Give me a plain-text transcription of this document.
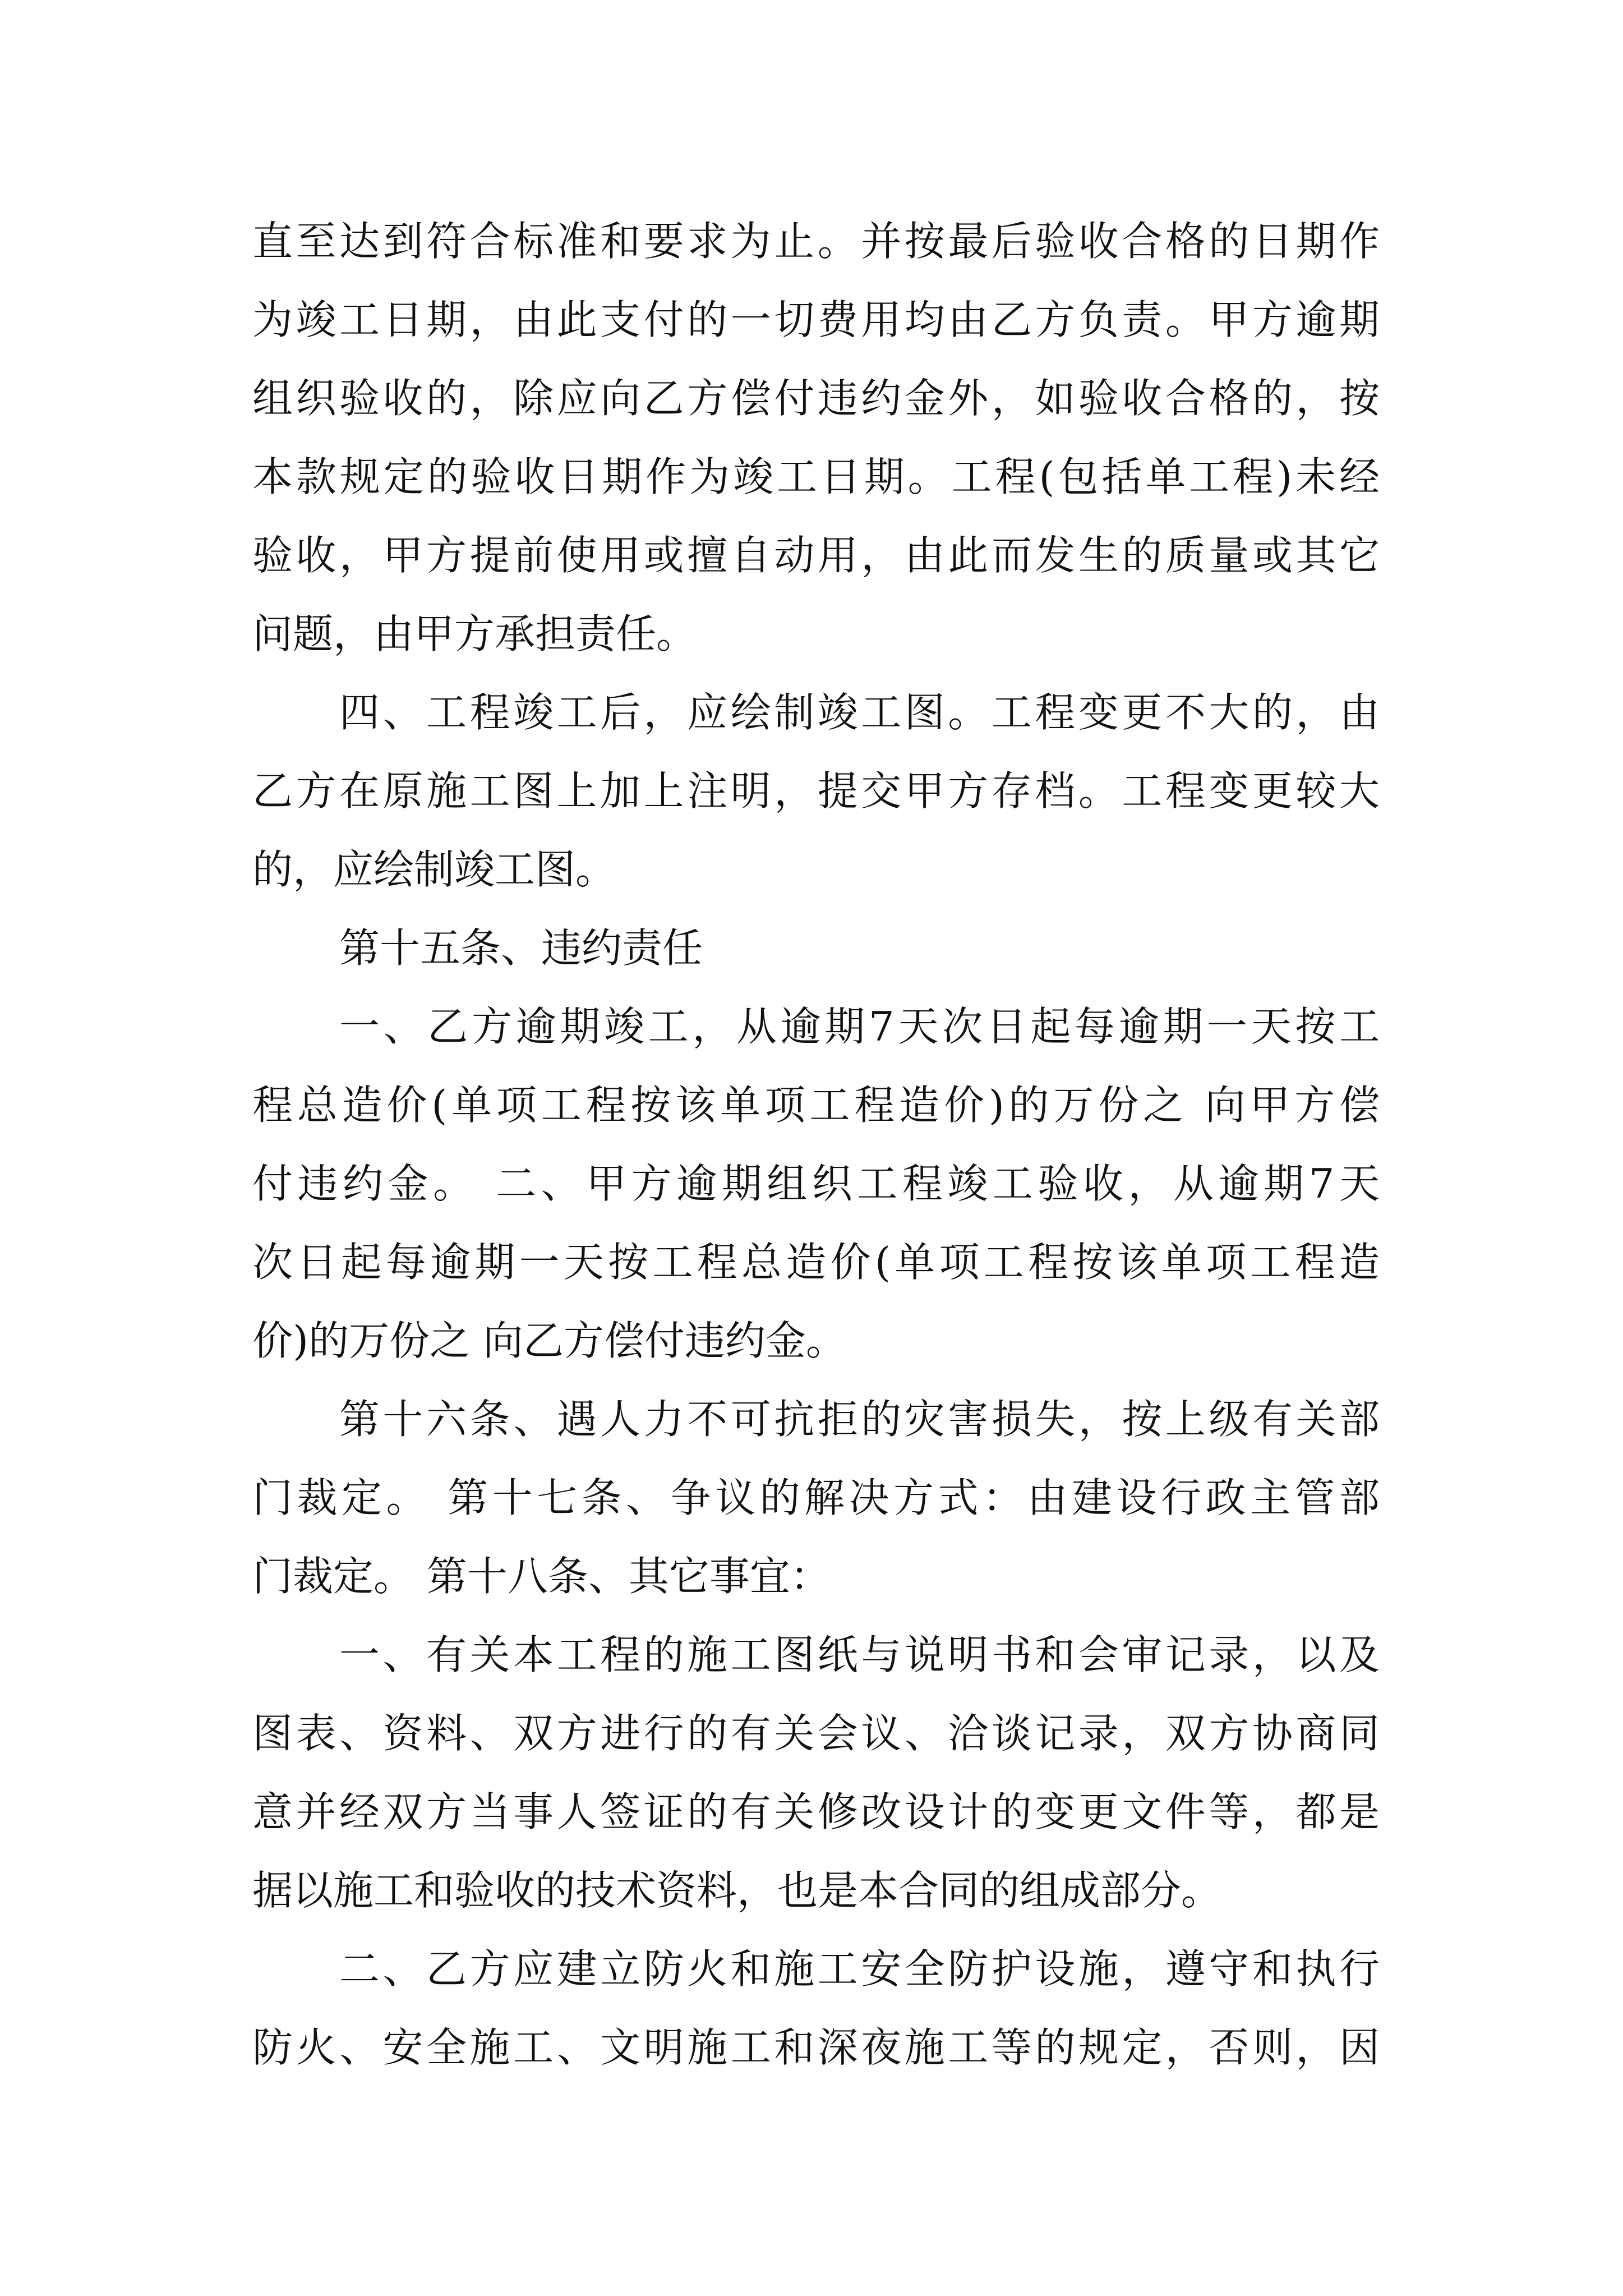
直至达到符合标准和要求为止。并按最后验收合格的日期作
为竣工日期，由此支付的一切费用均由乙方负责。甲方逾期
组织验收的，除应向乙方偿付违约金外，如验收合格的，按
本款规定的验收日期作为竣工日期。工程(包括单工程)未经
验收，甲方提前使用或擅自动用，由此而发生的质量或其它
问题，由甲方承担责任。
四、工程竣工后，应绘制竣工图。工程变更不大的，由
乙方在原施工图上加上注明，提交甲方存档。工程变更较大
的，应绘制竣工图。
第十五条、违约责任
一、乙方逾期竣工，从逾期7天次日起每逾期一天按工
程总造价(单项工程按该单项工程造价)的万份之 向甲方偿
付违约金。 二、甲方逾期组织工程竣工验收，从逾期7天
次日起每逾期一天按工程总造价(单项工程按该单项工程造
价)的万份之 向乙方偿付违约金。
第十六条、遇人力不可抗拒的灾害损失，按上级有关部
门裁定。 第十七条、争议的解决方式：由建设行政主管部
门裁定。 第十八条、其它事宜：
一、有关本工程的施工图纸与说明书和会审记录，以及
图表、资料、双方进行的有关会议、洽谈记录，双方协商同
意并经双方当事人签证的有关修改设计的变更文件等，都是
据以施工和验收的技术资料，也是本合同的组成部分。
二、乙方应建立防火和施工安全防护设施，遵守和执行
防火、安全施工、文明施工和深夜施工等的规定，否则，因
